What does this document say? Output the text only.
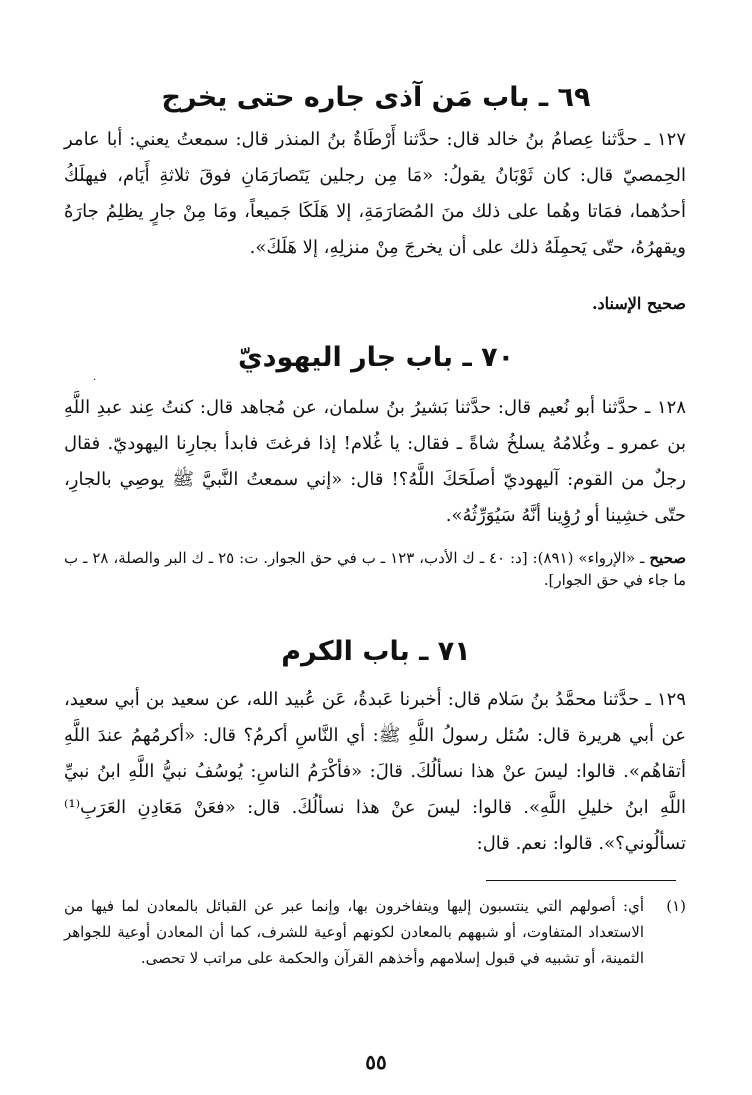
٦٩ ـ باب مَن آذى جاره حتى يخرج

١٢٧ ـ حدَّثنا عِصامُ بنُ خالد قال: حدَّثنا أَرْطَاةُ بنُ المنذر قال: سمعتُ يعني: أبا عامر الحِمصيّ قال: كان ثَوْبَانُ يقولُ: «مَا مِن رجلين يَتَصارَمَانِ فوقَ ثلاثةِ أَيَام، فيهلَكُ أحدُهما، فمَاتا وهُما على ذلك منَ المُصَارَمَةِ، إلا هَلَكَا جَميعاً، ومَا مِنْ جارٍ يظلِمُ جارَهُ ويقهرُهُ، حتّى يَحمِلَهُ ذلك على أن يخرجَ مِنْ منزلِهِ، إلا هَلَكَ».

صحيح الإسناد.
.
٧٠ ـ باب جار اليهوديّ

١٢٨ ـ حدَّثنا أبو نُعيم قال: حدَّثنا بَشيرُ بنُ سلمان، عن مُجاهد قال: كنتُ عِند عبدِ اللَّهِ بن عمرو ـ وغُلامُهُ يسلخُ شاةً ـ فقال: يا غُلام! إذا فرغتَ فابدأ بجارِنا اليهوديّ. فقال رجلٌ من القوم: آليهوديّ أصلَحَكَ اللَّهُ؟! قال: «إني سمعتُ النَّبيَّ ﷺ يوصِي بالجارِ، حتّى خشِينا أو رُؤِينا أنَّهُ سَيُوَرِّثُهُ».

صحيح ـ «الإرواء» (٨٩١): [د: ٤٠ ـ ك الأدب، ١٢٣ ـ ب في حق الجوار. ت: ٢٥ ـ ك البر والصلة، ٢٨ ـ ب ما جاء في حق الجوار].
٧١ ـ باب الكرم

١٢٩ ـ حدَّثنا محمَّدُ بنُ سَلام قال: أخبرنا عَبدةُ، عَن عُبيد الله، عن سعيد بن أبي سعيد، عن أبي هريرة قال: سُئل رسولُ اللَّهِ ﷺ: أي النَّاسِ أكرمُ؟ قال: «أكرمُهمُ عندَ اللَّهِ أتقاهُم». قالوا: ليسَ عنْ هذا نسألُكَ. قالَ: «فأكْرَمُ الناسِ: يُوسُفُ نبيُّ اللَّهِ ابنُ نبيِّ اللَّهِ ابنُ خليلِ اللَّهِ». قالوا: ليسَ عنْ هذا نسألُكَ. قال: «فعَنْ مَعَادِنِ العَرَبِ⁽¹⁾ تسألُوني؟». قالوا: نعم. قال:

(١)
أي: أصولهم التي ينتسبون إليها ويتفاخرون بها، وإنما عبر عن القبائل بالمعادن لما فيها من الاستعداد المتفاوت، أو شبههم بالمعادن لكونهم أوعية للشرف، كما أن المعادن أوعية للجواهر الثمينة، أو تشبيه في قبول إسلامهم وأخذهم القرآن والحكمة على مراتب لا تحصى.
٥٥
